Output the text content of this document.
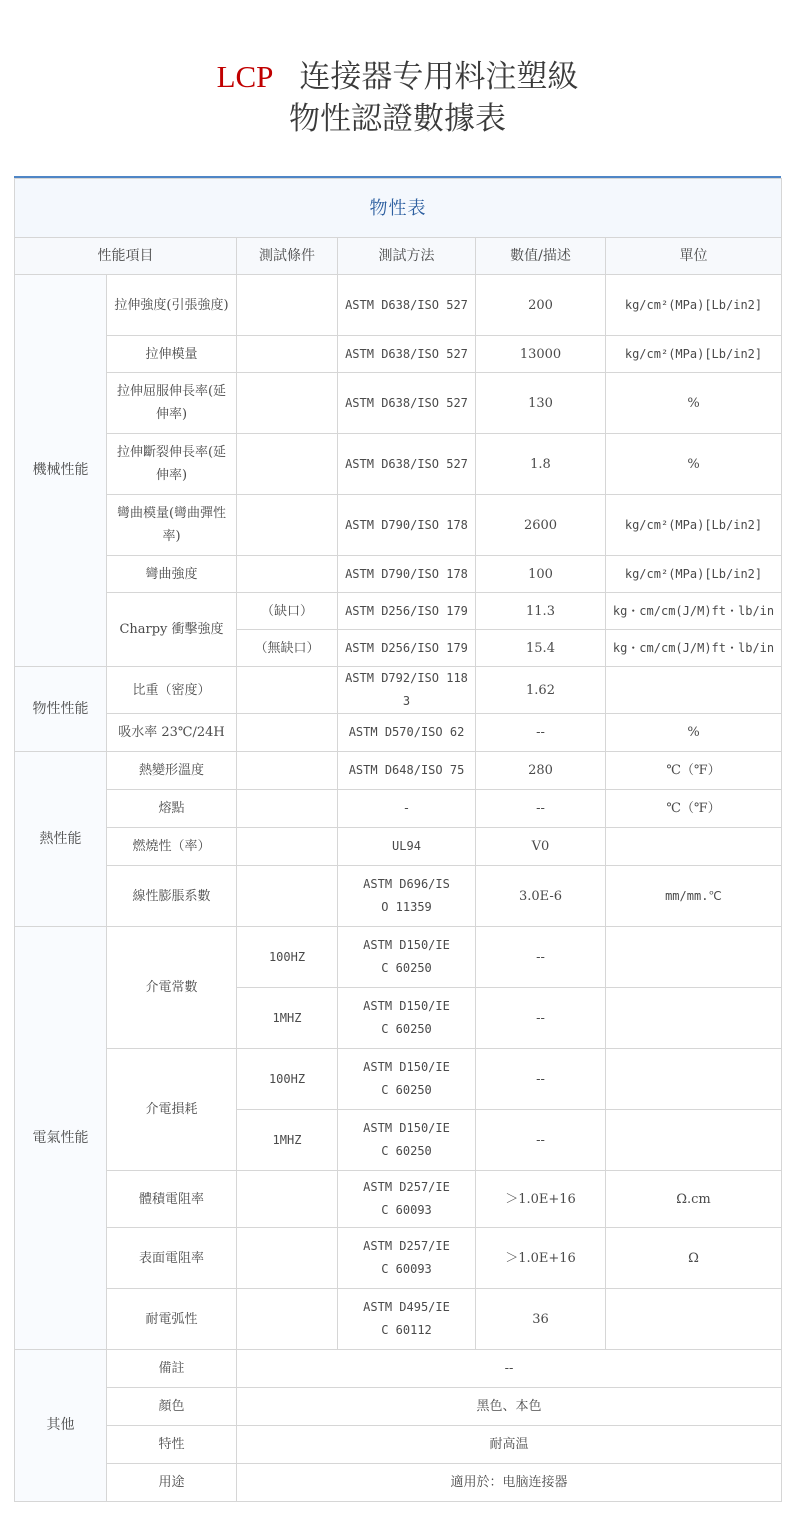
LCP 连接器专用料注塑級
物性認證數據表
物性表					
性能項目		測試條件	測試方法	數值/描述	單位
機械性能	拉伸強度(引張強度)		ASTM D638/ISO 527	200	kg/cm²(MPa)[Lb/in2]
	拉伸模量		ASTM D638/ISO 527	13000	kg/cm²(MPa)[Lb/in2]
	拉伸屈服伸長率(延伸率)		ASTM D638/ISO 527	130	%
	拉伸斷裂伸長率(延伸率)		ASTM D638/ISO 527	1.8	%
	彎曲模量(彎曲彈性率)		ASTM D790/ISO 178	2600	kg/cm²(MPa)[Lb/in2]
	彎曲強度		ASTM D790/ISO 178	100	kg/cm²(MPa)[Lb/in2]
	Charpy 衝擊強度	（缺口）	ASTM D256/ISO 179	11.3	kg・cm/cm(J/M)ft・lb/in
		（無缺口）	ASTM D256/ISO 179	15.4	kg・cm/cm(J/M)ft・lb/in
物性性能	比重（密度）		ASTM D792/ISO 1183	1.62	
	吸水率 23℃/24H		ASTM D570/ISO 62	--	%
熱性能	熱變形溫度		ASTM D648/ISO 75	280	℃（℉）
	熔點		-	--	℃（℉）
	燃燒性（率）		UL94	V0	
	線性膨脹系數		ASTM D696/ISO 11359	3.0E-6	mm/mm.℃
電氣性能	介電常數	100HZ	ASTM D150/IEC 60250	--	
		1MHZ	ASTM D150/IEC 60250	--	
	介電損耗	100HZ	ASTM D150/IEC 60250	--	
		1MHZ	ASTM D150/IEC 60250	--	
	體積電阻率		ASTM D257/IEC 60093	＞1.0E+16	Ω.cm
	表面電阻率		ASTM D257/IEC 60093	＞1.0E+16	Ω
	耐電弧性		ASTM D495/IEC 60112	36	
其他	備註	--			
	顏色	黑色、本色			
	特性	耐高温			
	用途	適用於：电脑连接器			
